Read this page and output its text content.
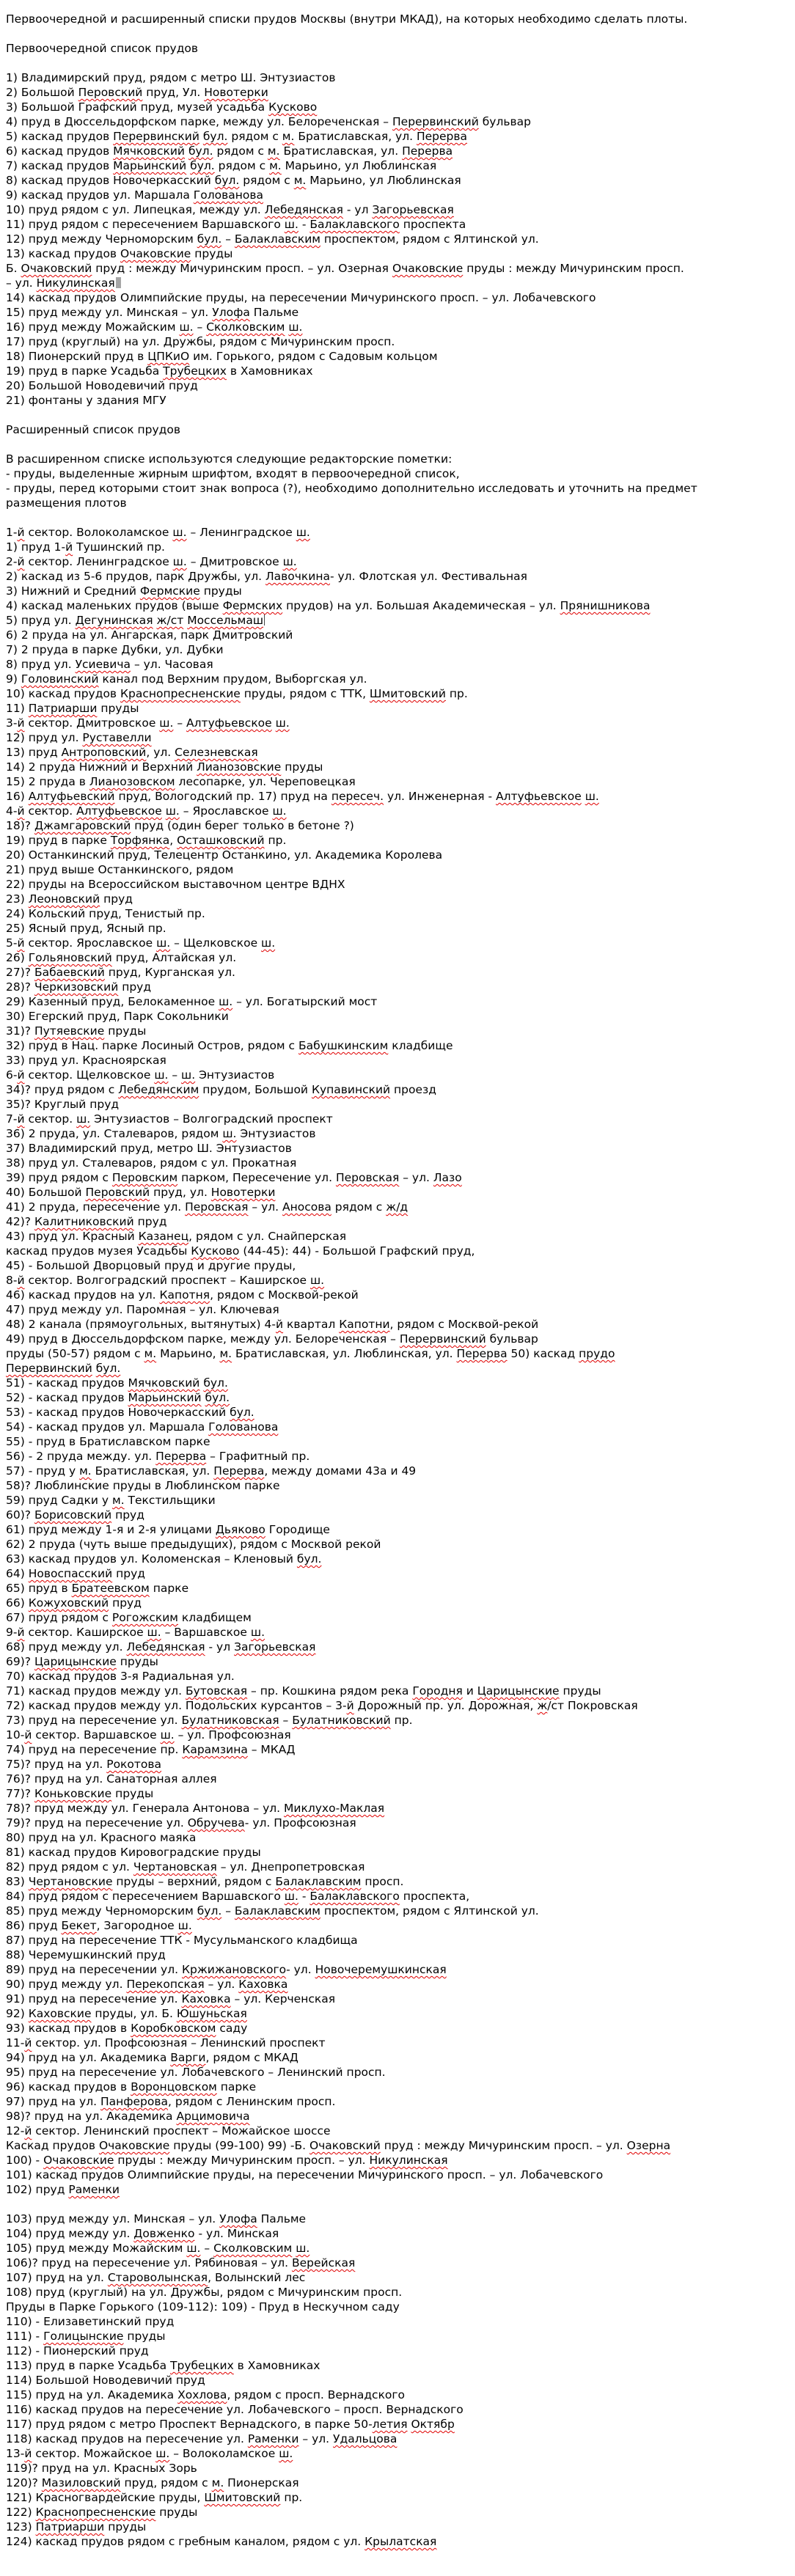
Первоочередной и расширенный списки прудов Москвы (внутри МКАД), на которых необходимо сделать плоты.

Первоочередной список прудов

1) Владимирский пруд, рядом с метро Ш. Энтузиастов
2) Большой Перовский пруд, Ул. Новотерки
3) Большой Графский пруд, музей усадьба Кусково
4) пруд в Дюссельдорфском парке, между ул. Белореченская – Перервинский бульвар
5) каскад прудов Перервинский бул. рядом с м. Братиславская, ул. Перерва
6) каскад прудов Мячковский бул. рядом с м. Братиславская, ул. Перерва
7) каскад прудов Марьинский бул. рядом с м. Марьино, ул Люблинская
8) каскад прудов Новочеркасский бул. рядом с м. Марьино, ул Люблинская
9) каскад прудов ул. Маршала Голованова
10) пруд рядом с ул. Липецкая, между ул. Лебедянская - ул Загорьевская
11) пруд рядом с пересечением Варшавского ш. - Балаклавского проспекта
12) пруд между Черноморским бул. – Балаклавским проспектом, рядом с Ялтинской ул.
13) каскад прудов Очаковские пруды
Б. Очаковский пруд : между Мичуринским просп. – ул. Озерная Очаковские пруды : между Мичуринским просп.
– ул. Никулинская
14) каскад прудов Олимпийские пруды, на пересечении Мичуринского просп. – ул. Лобачевского
15) пруд между ул. Минская – ул. Улофа Пальме
16) пруд между Можайским ш. – Сколковским ш.
17) пруд (круглый) на ул. Дружбы, рядом с Мичуринским просп.
18) Пионерский пруд в ЦПКиО им. Горького, рядом с Садовым кольцом
19) пруд в парке Усадьба Трубецких в Хамовниках
20) Большой Новодевичий пруд
21) фонтаны у здания МГУ

Расширенный список прудов

В расширенном списке используются следующие редакторские пометки:
- пруды, выделенные жирным шрифтом, входят в первоочередной список,
- пруды, перед которыми стоит знак вопроса (?), необходимо дополнительно исследовать и уточнить на предмет
размещения плотов

1-й сектор. Волоколамское ш. – Ленинградское ш.
1) пруд 1-й Тушинский пр.
2-й сектор. Ленинградское ш. – Дмитровское ш.
2) каскад из 5-6 прудов, парк Дружбы, ул. Лавочкина- ул. Флотская ул. Фестивальная
3) Нижний и Средний Фермские пруды
4) каскад маленьких прудов (выше Фермских прудов) на ул. Большая Академическая – ул. Прянишникова
5) пруд ул. Дегунинская ж/ст Моссельмаш
6) 2 пруда на ул. Ангарская, парк Дмитровский
7) 2 пруда в парке Дубки, ул. Дубки
8) пруд ул. Усиевича – ул. Часовая
9) Головинский канал под Верхним прудом, Выборгская ул.
10) каскад прудов Краснопресненские пруды, рядом с ТТК, Шмитовский пр.
11) Патриарши пруды
3-й сектор. Дмитровское ш. – Алтуфьевское ш.
12) пруд ул. Руставелли
13) пруд Антроповский, ул. Селезневская
14) 2 пруда Нижний и Верхний Лианозовские пруды
15) 2 пруда в Лианозовском лесопарке, ул. Череповецкая
16) Алтуфьевский пруд, Вологодский пр. 17) пруд на пересеч. ул. Инженерная - Алтуфьевское ш.
4-й сектор. Алтуфьевское ш. – Ярославское ш.
18)? Джамгаровский пруд (один берег только в бетоне ?)
19) пруд в парке Торфянка, Осташковский пр.
20) Останкинский пруд, Телецентр Останкино, ул. Академика Королева
21) пруд выше Останкинского, рядом
22) пруды на Всероссийском выставочном центре ВДНХ
23) Леоновский пруд
24) Кольский пруд, Тенистый пр.
25) Ясный пруд, Ясный пр.
5-й сектор. Ярославское ш. – Щелковское ш.
26) Гольяновский пруд, Алтайская ул.
27)? Бабаевский пруд, Курганская ул.
28)? Черкизовский пруд
29) Казенный пруд, Белокаменное ш. – ул. Богатырский мост
30) Егерский пруд, Парк Сокольники
31)? Путяевские пруды
32) пруд в Нац. парке Лосиный Остров, рядом с Бабушкинским кладбище
33) пруд ул. Красноярская
6-й сектор. Щелковское ш. – ш. Энтузиастов
34)? пруд рядом с Лебедянским прудом, Большой Купавинский проезд
35)? Круглый пруд
7-й сектор. ш. Энтузиастов – Волгоградский проспект
36) 2 пруда, ул. Сталеваров, рядом ш. Энтузиастов
37) Владимирский пруд, метро Ш. Энтузиастов
38) пруд ул. Сталеваров, рядом с ул. Прокатная
39) пруд рядом с Перовским парком, Пересечение ул. Перовская – ул. Лазо
40) Большой Перовский пруд, ул. Новотерки
41) 2 пруда, пересечение ул. Перовская – ул. Аносова рядом с ж/д
42)? Калитниковский пруд
43) пруд ул. Красный Казанец, рядом с ул. Снайперская
каскад прудов музея Усадьбы Кусково (44-45): 44) - Большой Графский пруд,
45) - Большой Дворцовый пруд и другие пруды,
8-й сектор. Волгоградский проспект – Каширское ш.
46) каскад прудов на ул. Капотня, рядом с Москвой-рекой
47) пруд между ул. Паромная – ул. Ключевая
48) 2 канала (прямоугольных, вытянутых) 4-й квартал Капотни, рядом с Москвой-рекой
49) пруд в Дюссельдорфском парке, между ул. Белореченская – Перервинский бульвар
пруды (50-57) рядом с м. Марьино, м. Братиславская, ул. Люблинская, ул. Перерва 50) каскад прудо
Перервинский бул.
51) - каскад прудов Мячковский бул.
52) - каскад прудов Марьинский бул.
53) - каскад прудов Новочеркасский бул.
54) - каскад прудов ул. Маршала Голованова
55) - пруд в Братиславском парке
56) - 2 пруда между. ул. Перерва – Графитный пр.
57) - пруд у м. Братиславская, ул. Перерва, между домами 43а и 49
58)? Люблинские пруды в Люблинском парке
59) пруд Садки у м. Текстильщики
60)? Борисовский пруд
61) пруд между 1-я и 2-я улицами Дьяково Городище
62) 2 пруда (чуть выше предыдущих), рядом с Москвой рекой
63) каскад прудов ул. Коломенская – Кленовый бул.
64) Новоспасский пруд
65) пруд в Братеевском парке
66) Кожуховский пруд
67) пруд рядом с Рогожским кладбищем
9-й сектор. Каширское ш. – Варшавское ш.
68) пруд между ул. Лебедянская - ул Загорьевская
69)? Царицынские пруды
70) каскад прудов 3-я Радиальная ул.
71) каскад прудов между ул. Бутовская – пр. Кошкина рядом река Городня и Царицынские пруды
72) каскад прудов между ул. Подольских курсантов – 3-й Дорожный пр. ул. Дорожная, ж/ст Покровская
73) пруд на пересечение ул. Булатниковская – Булатниковский пр.
10-й сектор. Варшавское ш. – ул. Профсоюзная
74) пруд на пересечение пр. Карамзина – МКАД
75)? пруд на ул. Рокотова
76)? пруд на ул. Санаторная аллея
77)? Коньковские пруды
78)? пруд между ул. Генерала Антонова – ул. Миклухо-Маклая
79)? пруд на пересечение ул. Обручева- ул. Профсоюзная
80) пруд на ул. Красного маяка
81) каскад прудов Кировоградские пруды
82) пруд рядом с ул. Чертановская – ул. Днепропетровская
83) Чертановские пруды – верхний, рядом с Балаклавским просп.
84) пруд рядом с пересечением Варшавского ш. - Балаклавского проспекта,
85) пруд между Черноморским бул. – Балаклавским проспектом, рядом с Ялтинской ул.
86) пруд Бекет, Загородное ш.
87) пруд на пересечение ТТК - Мусульманского кладбища
88) Черемушкинский пруд
89) пруд на пересечении ул. Кржижановского- ул. Новочеремушкинская
90) пруд между ул. Перекопская – ул. Каховка
91) пруд на пересечение ул. Каховка – ул. Керченская
92) Каховские пруды, ул. Б. Юшуньская
93) каскад прудов в Коробковском саду
11-й сектор. ул. Профсоюзная – Ленинский проспект
94) пруд на ул. Академика Варги, рядом с МКАД
95) пруд на пересечение ул. Лобачевского – Ленинский просп.
96) каскад прудов в Воронцовском парке
97) пруд на ул. Панферова, рядом с Ленинским просп.
98)? пруд на ул. Академика Арцимовича
12-й сектор. Ленинский проспект – Можайское шоссе
Каскад прудов Очаковские пруды (99-100) 99) -Б. Очаковский пруд : между Мичуринским просп. – ул. Озерна
100) - Очаковские пруды : между Мичуринским просп. – ул. Никулинская
101) каскад прудов Олимпийские пруды, на пересечении Мичуринского просп. – ул. Лобачевского
102) пруд Раменки

103) пруд между ул. Минская – ул. Улофа Пальме
104) пруд между ул. Довженко - ул. Минская
105) пруд между Можайским ш. – Сколковским ш.
106)? пруд на пересечение ул. Рябиновая – ул. Верейская
107) пруд на ул. Староволынская, Волынский лес
108) пруд (круглый) на ул. Дружбы, рядом с Мичуринским просп.
Пруды в Парке Горького (109-112): 109) - Пруд в Нескучном саду
110) - Елизаветинский пруд
111) - Голицынские пруды
112) - Пионерский пруд
113) пруд в парке Усадьба Трубецких в Хамовниках
114) Большой Новодевичий пруд
115) пруд на ул. Академика Хохлова, рядом с просп. Вернадского
116) каскад прудов на пересечение ул. Лобачевского – просп. Вернадского
117) пруд рядом с метро Проспект Вернадского, в парке 50-летия Октябр
118) каскад прудов на пересечение ул. Раменки – ул. Удальцова
13-й сектор. Можайское ш. – Волоколамское ш.
119)? пруд на ул. Красных Зорь
120)? Мазиловский пруд, рядом с м. Пионерская
121) Красногвардейские пруды, Шмитовский пр.
122) Краснопресненские пруды
123) Патриарши пруды
124) каскад прудов рядом с гребным каналом, рядом с ул. Крылатская
